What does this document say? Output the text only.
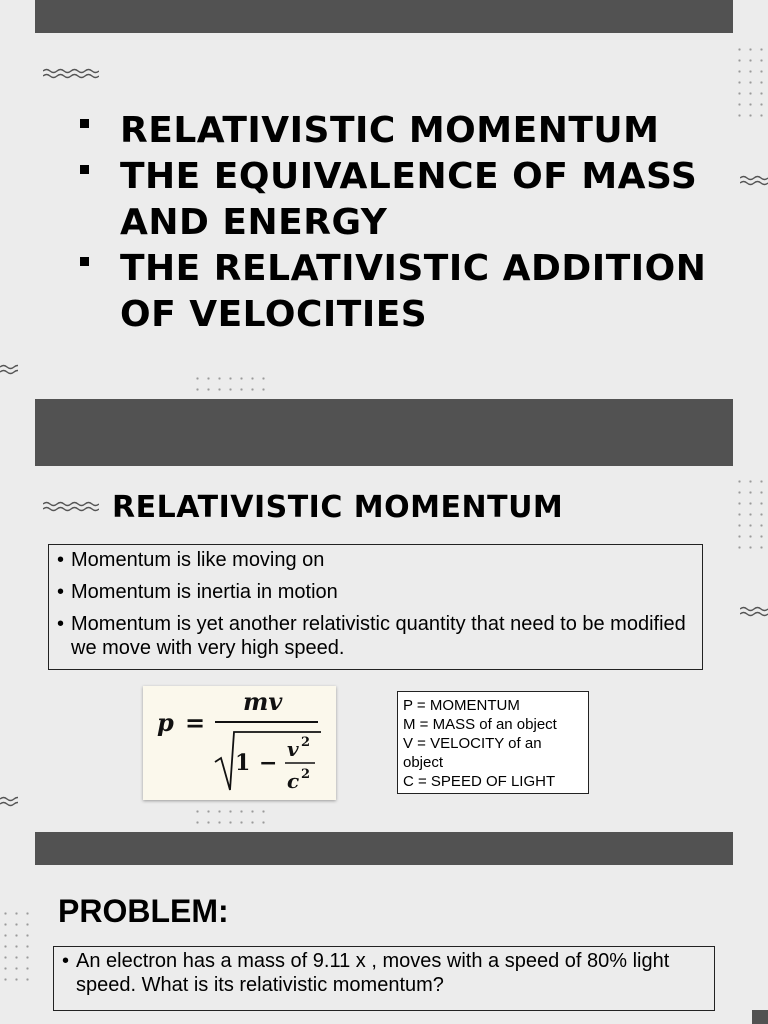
RELATIVISTIC MOMENTUM
THE EQUIVALENCE OF MASS AND ENERGY
THE RELATIVISTIC ADDITION OF VELOCITIES
RELATIVISTIC MOMENTUM
• Momentum is like moving on
• Momentum is inertia in motion
• Momentum is yet another relativistic quantity that need to be modified we move with very high speed.
p =
mv
1 −
v 2
c 2
P = MOMENTUM
M = MASS of an object
V = VELOCITY of an object
C = SPEED OF LIGHT
PROBLEM:
• An electron has a mass of 9.11 x , moves with a speed of 80% light speed. What is its relativistic momentum?
